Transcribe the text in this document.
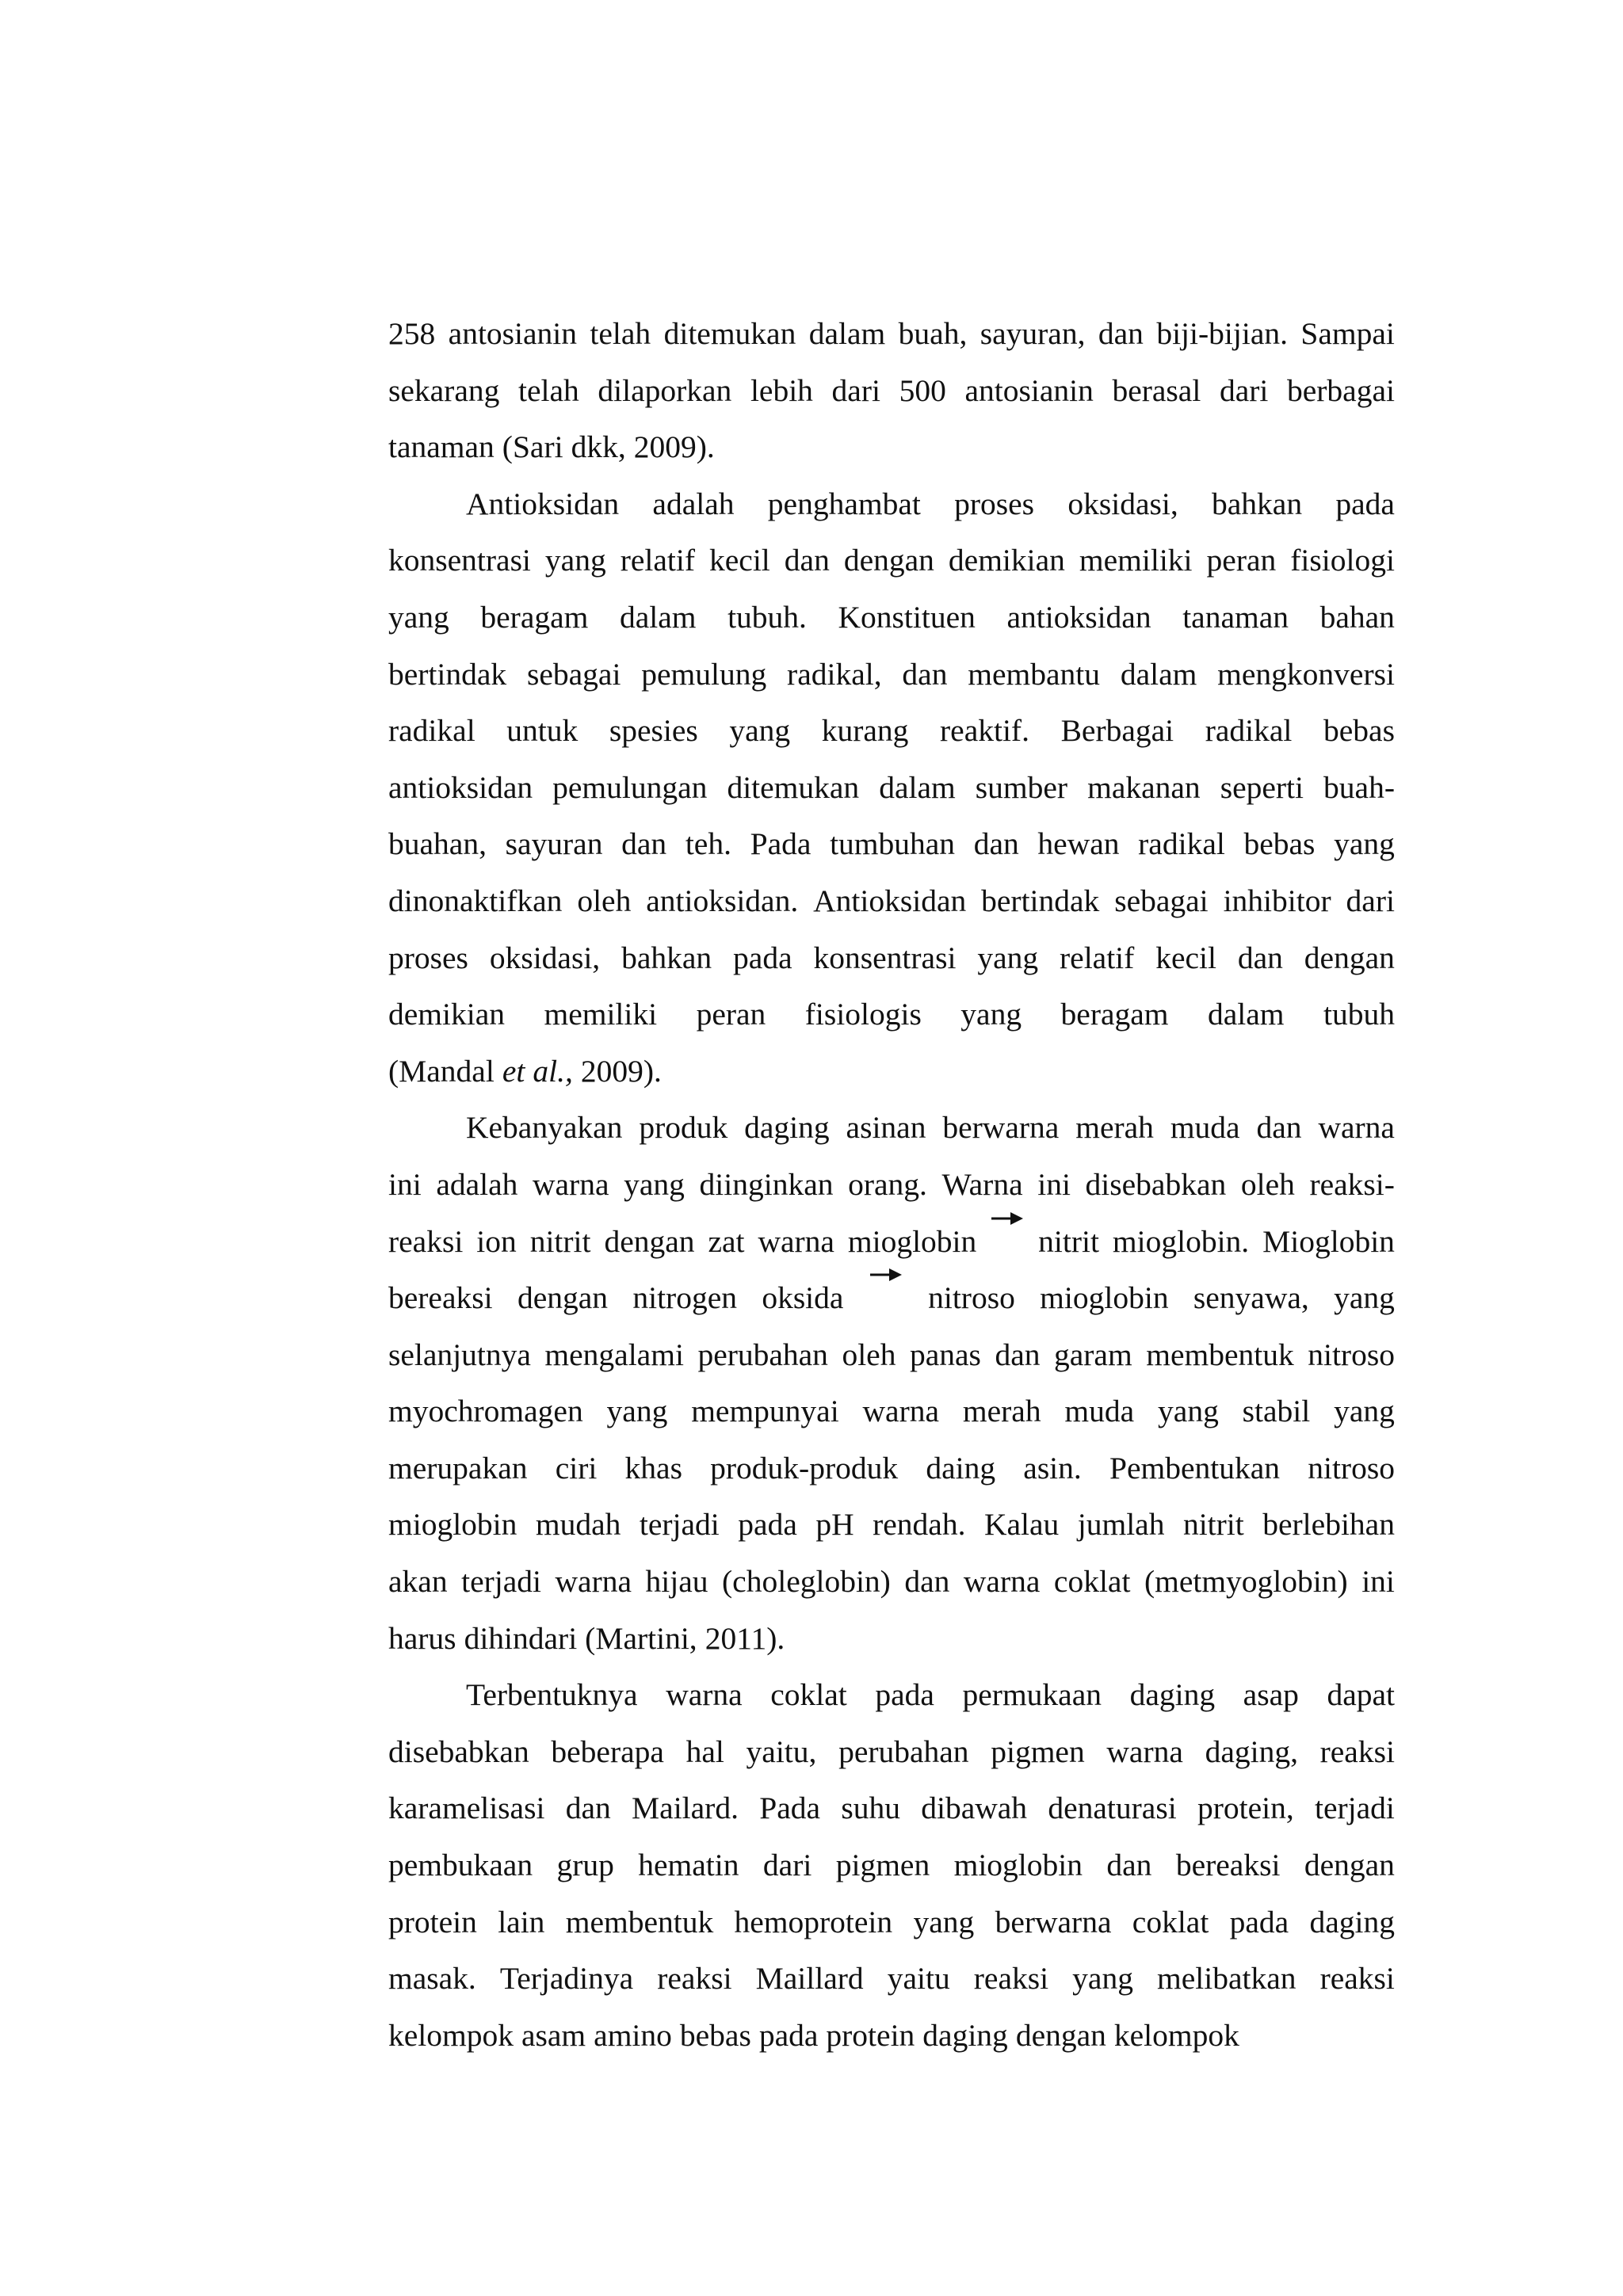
258 antosianin telah ditemukan dalam buah, sayuran, dan biji-bijian. Sampai
sekarang telah dilaporkan lebih dari 500 antosianin berasal dari berbagai
tanaman (Sari dkk, 2009).
Antioksidan adalah penghambat proses oksidasi, bahkan pada
konsentrasi yang relatif kecil dan dengan demikian memiliki peran fisiologi
yang beragam dalam tubuh. Konstituen antioksidan tanaman bahan
bertindak sebagai pemulung radikal, dan membantu dalam mengkonversi
radikal untuk spesies yang kurang reaktif. Berbagai radikal bebas
antioksidan pemulungan ditemukan dalam sumber makanan seperti buah-
buahan, sayuran dan teh. Pada tumbuhan dan hewan radikal bebas yang
dinonaktifkan oleh antioksidan. Antioksidan bertindak sebagai inhibitor dari
proses oksidasi, bahkan pada konsentrasi yang relatif kecil dan dengan
demikian memiliki peran fisiologis yang beragam dalam tubuh
(Mandal et al., 2009).
Kebanyakan produk daging asinan berwarna merah muda dan warna
ini adalah warna yang diinginkan orang. Warna ini disebabkan oleh reaksi-
reaksi ion nitrit dengan zat warna mioglobin nitrit mioglobin. Mioglobin
bereaksi dengan nitrogen oksida	nitroso mioglobin senyawa, yang
selanjutnya mengalami perubahan oleh panas dan garam membentuk nitroso
myochromagen yang mempunyai warna merah muda yang stabil yang
merupakan ciri khas produk-produk daing asin. Pembentukan nitroso
mioglobin mudah terjadi pada pH rendah. Kalau jumlah nitrit berlebihan
akan terjadi warna hijau (choleglobin) dan warna coklat (metmyoglobin) ini
harus dihindari (Martini, 2011).
Terbentuknya warna coklat pada permukaan daging asap dapat
disebabkan beberapa hal yaitu, perubahan pigmen warna daging, reaksi
karamelisasi dan Mailard. Pada suhu dibawah denaturasi protein, terjadi
pembukaan grup hematin dari pigmen mioglobin dan bereaksi dengan
protein lain membentuk hemoprotein yang berwarna coklat pada daging
masak. Terjadinya reaksi Maillard yaitu reaksi yang melibatkan reaksi
kelompok asam amino bebas pada protein daging dengan kelompok
